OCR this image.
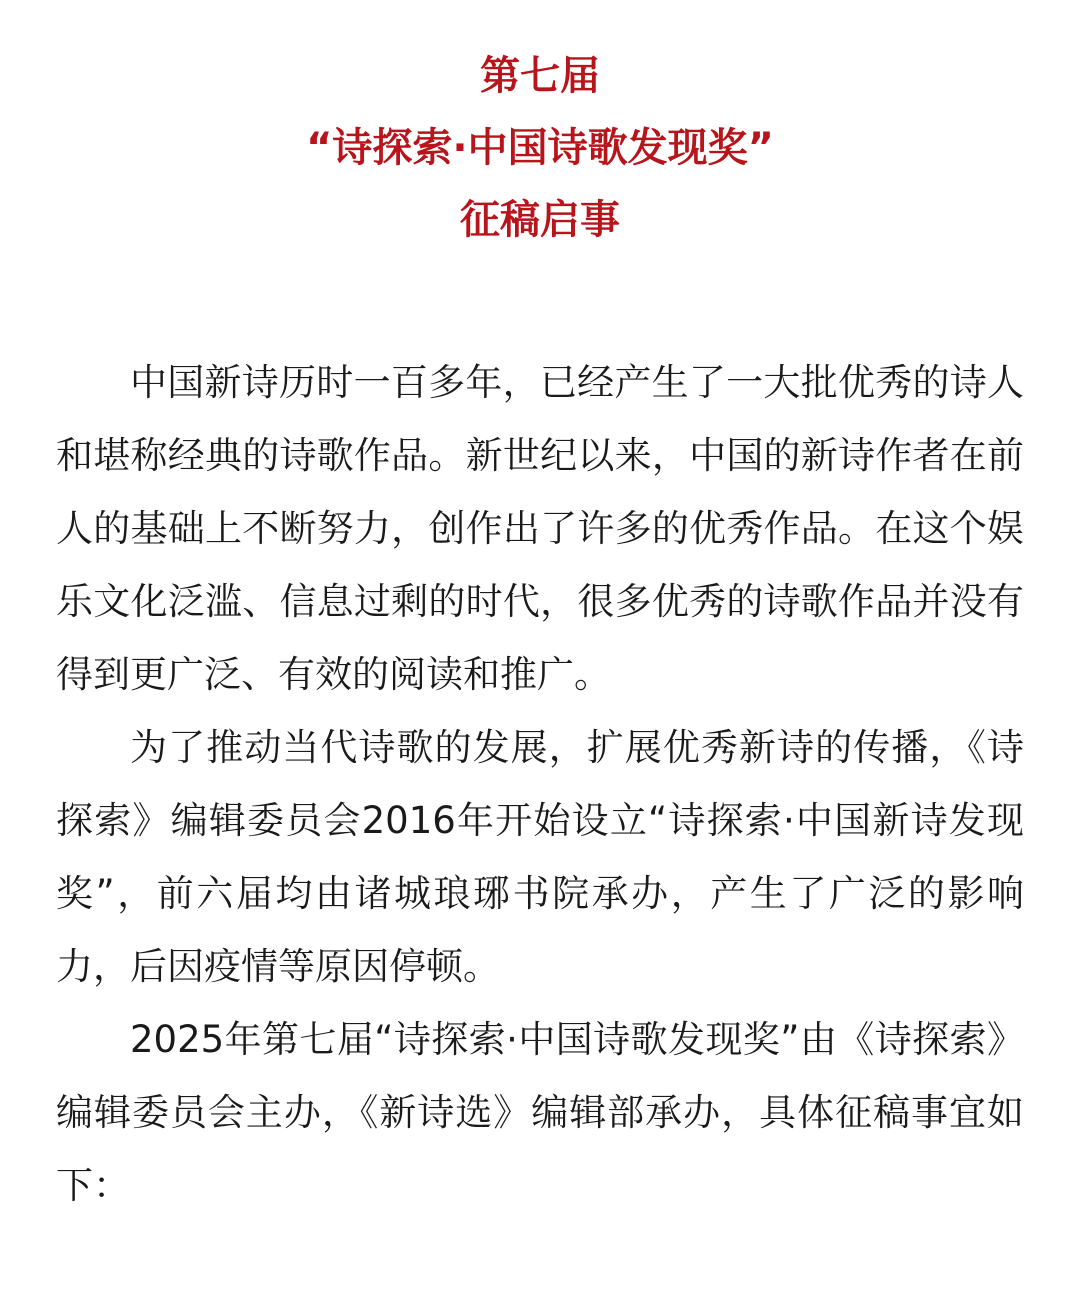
第七届
“诗探索·中国诗歌发现奖”
征稿启事

中国新诗历时一百多年，已经产生了一大批优秀的诗人和堪称经典的诗歌作品。新世纪以来，中国的新诗作者在前人的基础上不断努力，创作出了许多的优秀作品。在这个娱乐文化泛滥、信息过剩的时代，很多优秀的诗歌作品并没有得到更广泛、有效的阅读和推广。

为了推动当代诗歌的发展，扩展优秀新诗的传播，《诗探索》编辑委员会2016年开始设立“诗探索·中国新诗发现奖”，前六届均由诸城琅琊书院承办，产生了广泛的影响力，后因疫情等原因停顿。

2025年第七届“诗探索·中国诗歌发现奖”由《诗探索》编辑委员会主办，《新诗选》编辑部承办，具体征稿事宜如下：
